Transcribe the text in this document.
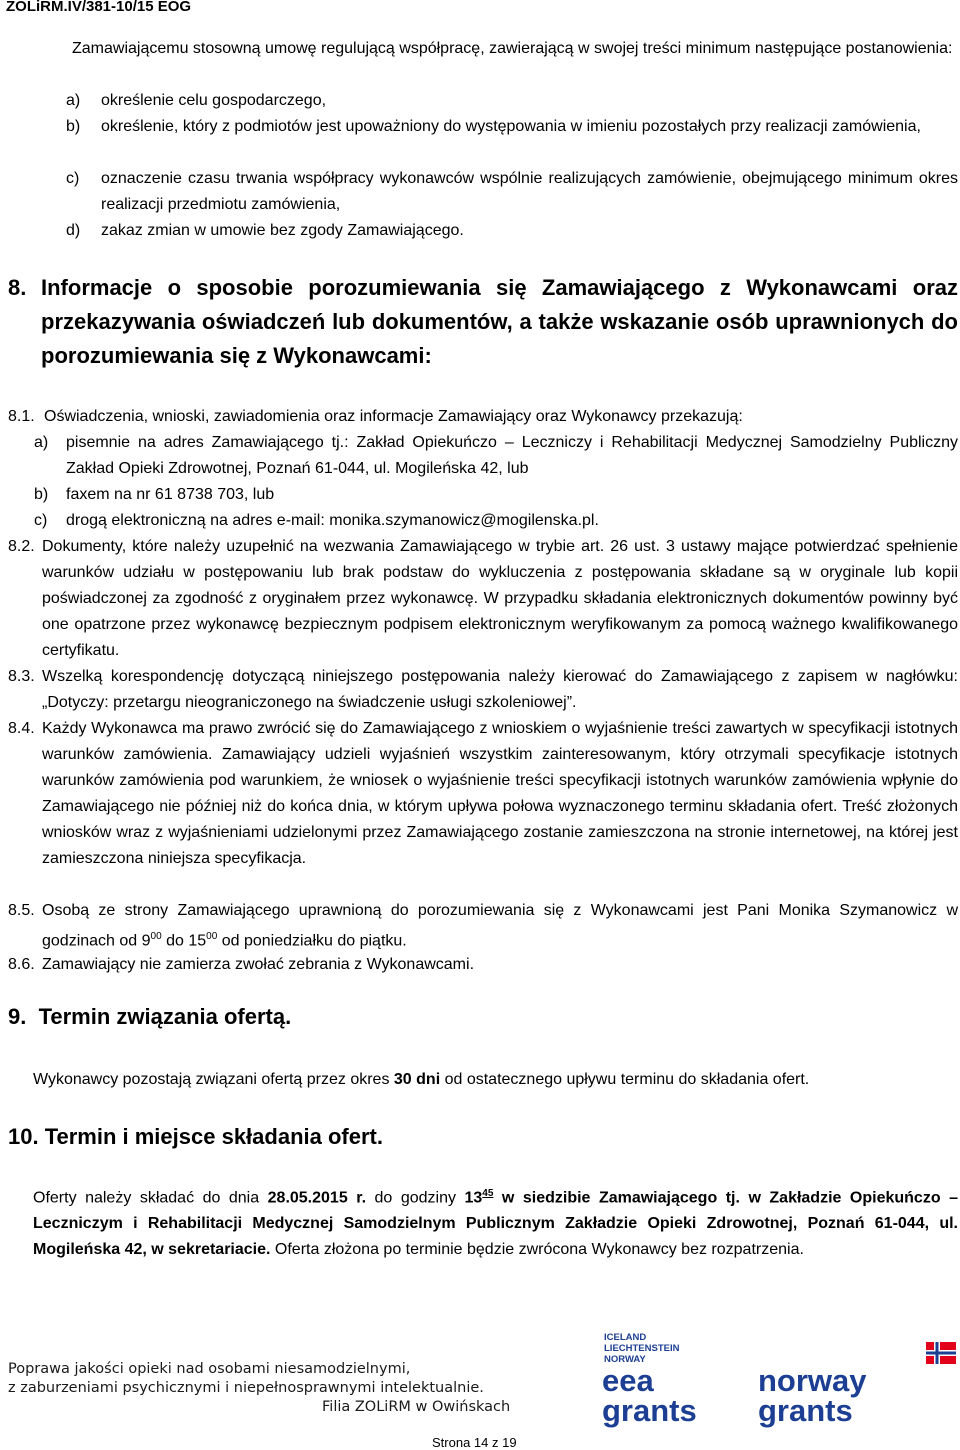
ZOLiRM.IV/381-10/15 EOG
Zamawiającemu stosowną umowę regulującą współpracę, zawierającą w swojej treści minimum następujące postanowienia:
a) określenie celu gospodarczego,
b) określenie, który z podmiotów jest upoważniony do występowania w imieniu pozostałych przy realizacji zamówienia,
c) oznaczenie czasu trwania współpracy wykonawców wspólnie realizujących zamówienie, obejmującego minimum okres realizacji przedmiotu zamówienia,
d) zakaz zmian w umowie bez zgody Zamawiającego.
8. Informacje o sposobie porozumiewania się Zamawiającego z Wykonawcami oraz przekazywania oświadczeń lub dokumentów, a także wskazanie osób uprawnionych do porozumiewania się z Wykonawcami:
8.1. Oświadczenia, wnioski, zawiadomienia oraz informacje Zamawiający oraz Wykonawcy przekazują:
a) pisemnie na adres Zamawiającego tj.: Zakład Opiekuńczo – Leczniczy i Rehabilitacji Medycznej Samodzielny Publiczny Zakład Opieki Zdrowotnej, Poznań 61-044, ul. Mogileńska 42, lub
b) faxem na nr 61 8738 703, lub
c) drogą elektroniczną na adres e-mail: monika.szymanowicz@mogilenska.pl.
8.2. Dokumenty, które należy uzupełnić na wezwania Zamawiającego w trybie art. 26 ust. 3 ustawy mające potwierdzać spełnienie warunków udziału w postępowaniu lub brak podstaw do wykluczenia z postępowania składane są w oryginale lub kopii poświadczonej za zgodność z oryginałem przez wykonawcę. W przypadku składania elektronicznych dokumentów powinny być one opatrzone przez wykonawcę bezpiecznym podpisem elektronicznym weryfikowanym za pomocą ważnego kwalifikowanego certyfikatu.
8.3. Wszelką korespondencję dotyczącą niniejszego postępowania należy kierować do Zamawiającego z zapisem w nagłówku: „Dotyczy: przetargu nieograniczonego na świadczenie usługi szkoleniowej”.
8.4. Każdy Wykonawca ma prawo zwrócić się do Zamawiającego z wnioskiem o wyjaśnienie treści zawartych w specyfikacji istotnych warunków zamówienia. Zamawiający udzieli wyjaśnień wszystkim zainteresowanym, który otrzymali specyfikacje istotnych warunków zamówienia pod warunkiem, że wniosek o wyjaśnienie treści specyfikacji istotnych warunków zamówienia wpłynie do Zamawiającego nie później niż do końca dnia, w którym upływa połowa wyznaczonego terminu składania ofert. Treść złożonych wniosków wraz z wyjaśnieniami udzielonymi przez Zamawiającego zostanie zamieszczona na stronie internetowej, na której jest zamieszczona niniejsza specyfikacja.
8.5. Osobą ze strony Zamawiającego uprawnioną do porozumiewania się z Wykonawcami jest Pani Monika Szymanowicz w godzinach od $9^{00}$ do $15^{00}$ od poniedziałku do piątku.
8.6. Zamawiający nie zamierza zwołać zebrania z Wykonawcami.
9.  Termin związania ofertą.
Wykonawcy pozostają związani ofertą przez okres 30 dni od ostatecznego upływu terminu do składania ofert.
10. Termin i miejsce składania ofert.
Oferty należy składać do dnia 28.05.2015 r. do godziny $13^{45}$ w siedzibie Zamawiającego tj. w Zakładzie Opiekuńczo – Leczniczym i Rehabilitacji Medycznej Samodzielnym Publicznym Zakładzie Opieki Zdrowotnej, Poznań 61-044, ul. Mogileńska 42, w sekretariacie. Oferta złożona po terminie będzie zwrócona Wykonawcy bez rozpatrzenia.
Poprawa jakości opieki nad osobami niesamodzielnymi,
z zaburzeniami psychicznymi i niepełnosprawnymi intelektualnie.
Filia ZOLiRM w Owińskach
ICELAND
LIECHTENSTEIN
NORWAY
eea
grants
norway
grants
Strona 14 z 19
